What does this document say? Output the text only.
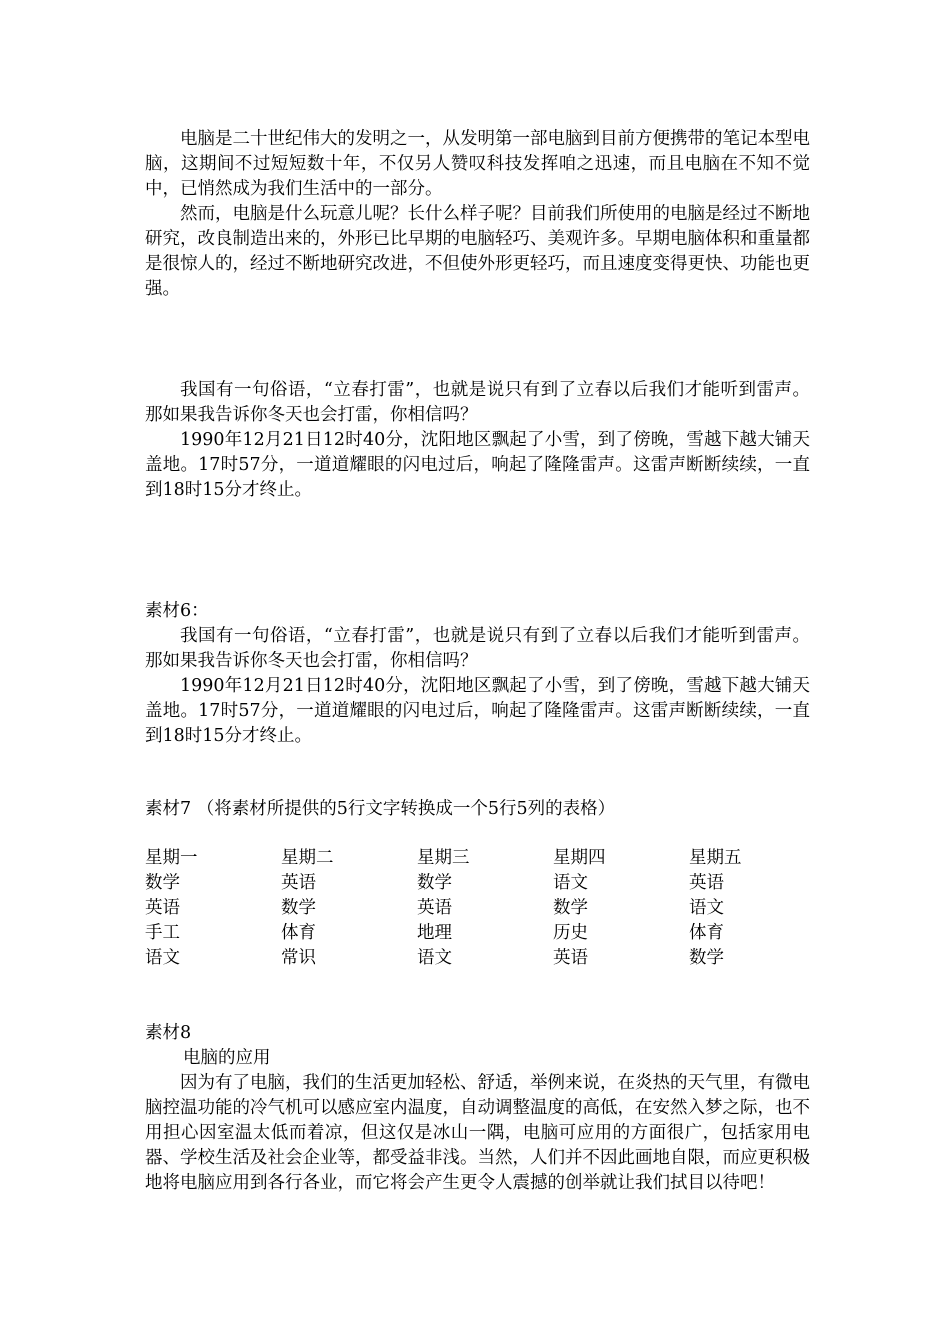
电脑是二十世纪伟大的发明之一，从发明第一部电脑到目前方便携带的笔记本型电脑，这期间不过短短数十年，不仅另人赞叹科技发挥咱之迅速，而且电脑在不知不觉中，已悄然成为我们生活中的一部分。

然而，电脑是什么玩意儿呢？长什么样子呢？目前我们所使用的电脑是经过不断地研究，改良制造出来的，外形已比早期的电脑轻巧、美观许多。早期电脑体积和重量都是很惊人的，经过不断地研究改进，不但使外形更轻巧，而且速度变得更快、功能也更强。

我国有一句俗语，“立春打雷”，也就是说只有到了立春以后我们才能听到雷声。那如果我告诉你冬天也会打雷，你相信吗？

1990年12月21日12时40分，沈阳地区飘起了小雪，到了傍晚，雪越下越大铺天盖地。17时57分，一道道耀眼的闪电过后，响起了隆隆雷声。这雷声断断续续，一直到18时15分才终止。

素材6：

我国有一句俗语，“立春打雷”，也就是说只有到了立春以后我们才能听到雷声。那如果我告诉你冬天也会打雷，你相信吗？

1990年12月21日12时40分，沈阳地区飘起了小雪，到了傍晚，雪越下越大铺天盖地。17时57分，一道道耀眼的闪电过后，响起了隆隆雷声。这雷声断断续续，一直到18时15分才终止。

素材7 （将素材所提供的5行文字转换成一个5行5列的表格）

星期一	星期二	星期三	星期四	星期五
数学	英语	数学	语文	英语
英语	数学	英语	数学	语文
手工	体育	地理	历史	体育
语文	常识	语文	英语	数学

素材8

电脑的应用

因为有了电脑，我们的生活更加轻松、舒适，举例来说，在炎热的天气里，有微电脑控温功能的冷气机可以感应室内温度，自动调整温度的高低，在安然入梦之际，也不用担心因室温太低而着凉，但这仅是冰山一隅，电脑可应用的方面很广，包括家用电器、学校生活及社会企业等，都受益非浅。当然，人们并不因此画地自限，而应更积极地将电脑应用到各行各业，而它将会产生更令人震撼的创举就让我们拭目以待吧！
